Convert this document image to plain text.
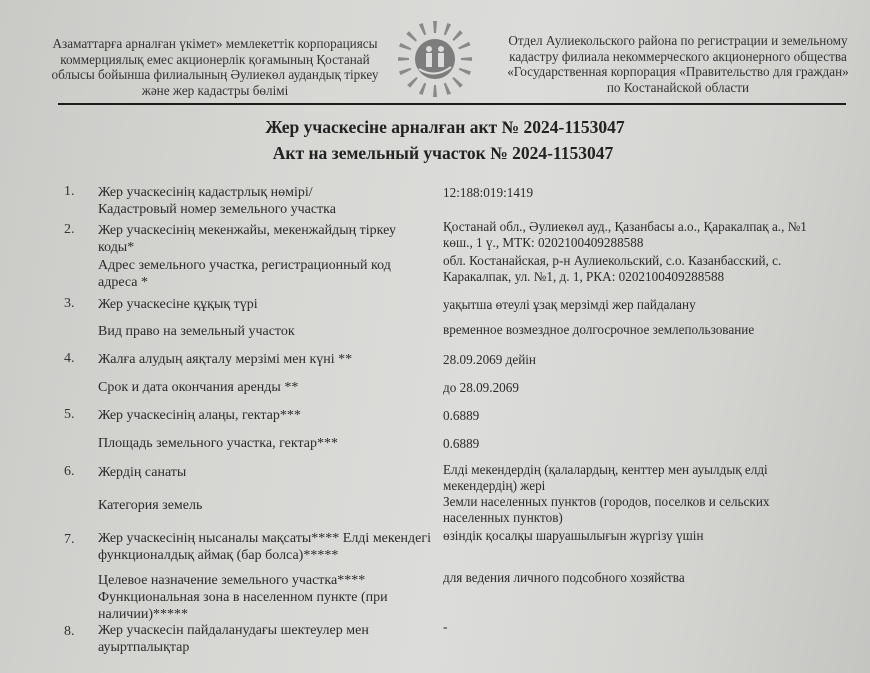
Азаматтарға арналған үкімет» мемлекеттік корпорациясы
коммерциялық емес акционерлік қоғамының Қостанай
облысы бойынша филиалының Әулиекөл аудандық тіркеу
және жер кадастры бөлімі
Отдел Аулиекольского района по регистрации и земельному
кадастру филиала некоммерческого акционерного общества
«Государственная корпорация «Правительство для граждан»
по Костанайской области
Жер учаскесіне арналған акт № 2024-1153047
Акт на земельный участок № 2024-1153047
1. Жер учаскесінің кадастрлық нөмірі/
Кадастровый номер земельного участка
12:188:019:1419
2. Жер учаскесінің мекенжайы, мекенжайдың тіркеу коды*
Адрес земельного участка, регистрационный код адреса *
Қостанай обл., Әулиекөл ауд., Қазанбасы а.о., Қаракалпақ а., №1 көш., 1 ү., МТК: 0202100409288588
обл. Костанайская, р-н Аулиекольский, с.о. Казанбасский, с. Каракалпак, ул. №1, д. 1, РКА: 0202100409288588
3. Жер учаскесіне құқық түрі
Вид право на земельный участок
уақытша өтеулі ұзақ мерзімді жер пайдалану
временное возмездное долгосрочное землепользование
4. Жалға алудың аяқталу мерзімі мен күні **
Срок и дата окончания аренды **
28.09.2069 дейін
до 28.09.2069
5. Жер учаскесінің алаңы, гектар***
Площадь земельного участка, гектар***
0.6889
0.6889
6. Жердің санаты
Категория земель
Елді мекендердің (қалалардың, кенттер мен ауылдық елді мекендердің) жері
Земли населенных пунктов (городов, поселков и сельских населенных пунктов)
7. Жер учаскесінің нысаналы мақсаты**** Елді мекендегі функционалдық аймақ (бар болса)*****
Целевое назначение земельного участка**** Функциональная зона в населенном пункте (при наличии)*****
өзіндік қосалқы шаруашылығын жүргізу үшін
для ведения личного подсобного хозяйства
8. Жер учаскесін пайдаланудағы шектеулер мен ауыртпалықтар
-
